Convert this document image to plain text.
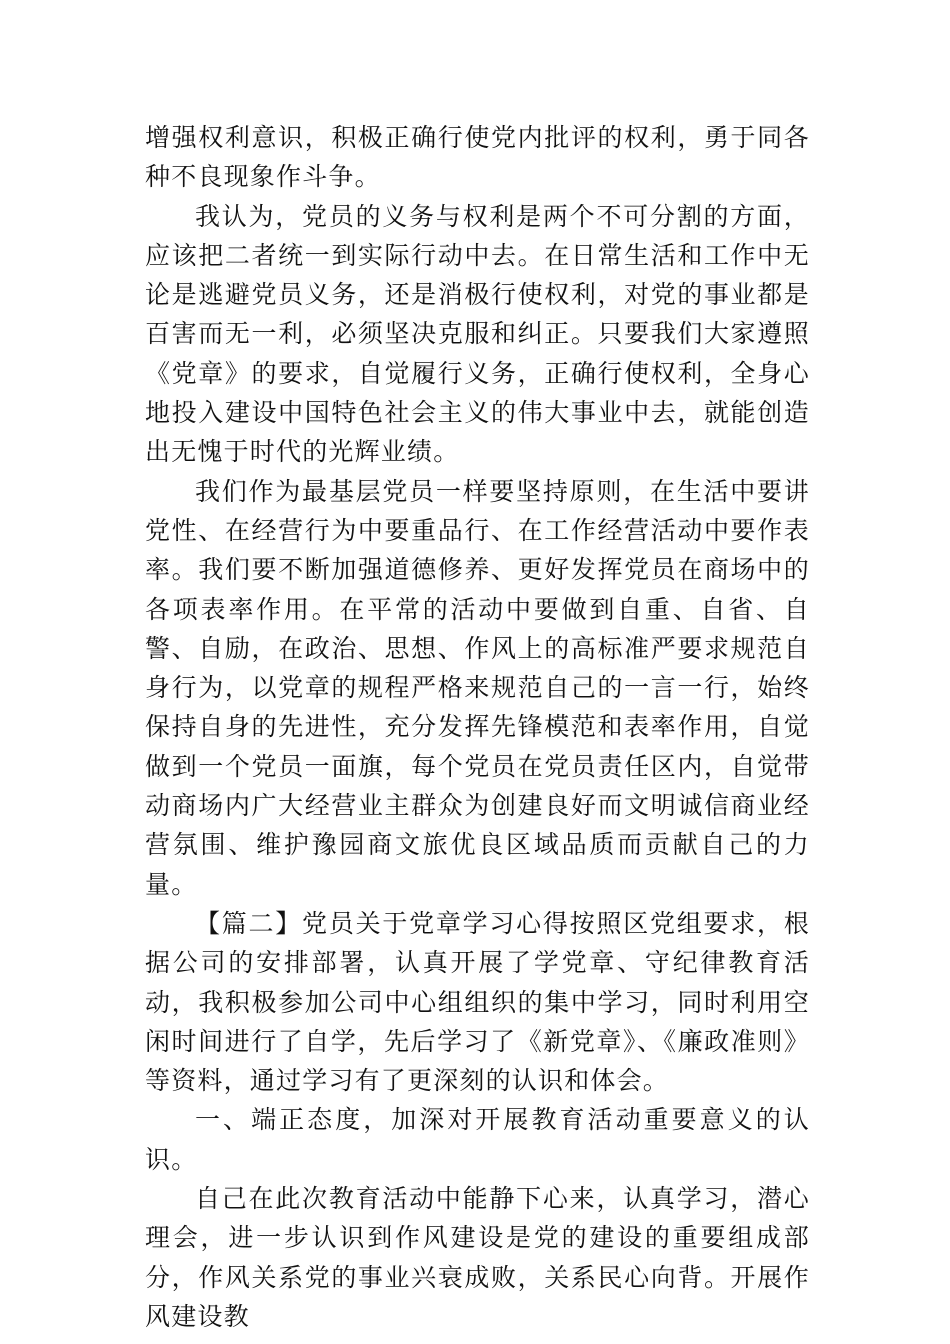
增强权利意识，积极正确行使党内批评的权利，勇于同各种不良现象作斗争。

我认为，党员的义务与权利是两个不可分割的方面，应该把二者统一到实际行动中去。在日常生活和工作中无论是逃避党员义务，还是消极行使权利，对党的事业都是百害而无一利，必须坚决克服和纠正。只要我们大家遵照《党章》的要求，自觉履行义务，正确行使权利，全身心地投入建设中国特色社会主义的伟大事业中去，就能创造出无愧于时代的光辉业绩。

我们作为最基层党员一样要坚持原则，在生活中要讲党性、在经营行为中要重品行、在工作经营活动中要作表率。我们要不断加强道德修养、更好发挥党员在商场中的各项表率作用。在平常的活动中要做到自重、自省、自警、自励，在政治、思想、作风上的高标准严要求规范自身行为，以党章的规程严格来规范自己的一言一行，始终保持自身的先进性，充分发挥先锋模范和表率作用，自觉做到一个党员一面旗，每个党员在党员责任区内，自觉带动商场内广大经营业主群众为创建良好而文明诚信商业经营氛围、维护豫园商文旅优良区域品质而贡献自己的力量。

【篇二】党员关于党章学习心得按照区党组要求，根据公司的安排部署，认真开展了学党章、守纪律教育活动，我积极参加公司中心组组织的集中学习，同时利用空闲时间进行了自学，先后学习了《新党章》、《廉政准则》等资料，通过学习有了更深刻的认识和体会。

一、端正态度，加深对开展教育活动重要意义的认识。

自己在此次教育活动中能静下心来，认真学习，潜心理会，进一步认识到作风建设是党的建设的重要组成部分，作风关系党的事业兴衰成败，关系民心向背。开展作风建设教
